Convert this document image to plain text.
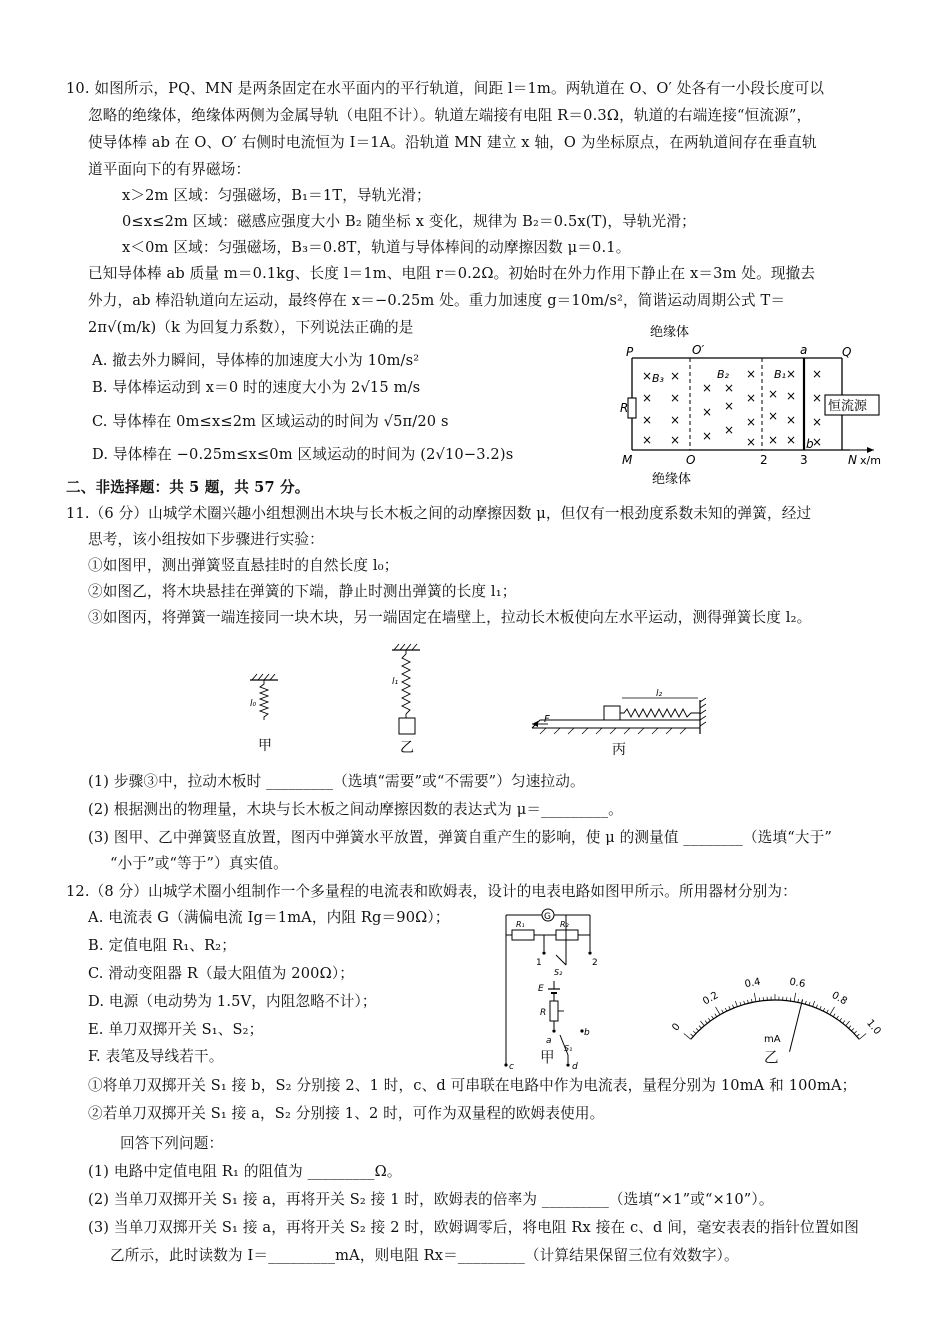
10. 如图所示，PQ、MN 是两条固定在水平面内的平行轨道，间距 l＝1m。两轨道在 O、O′ 处各有一小段长度可以
忽略的绝缘体，绝缘体两侧为金属导轨（电阻不计）。轨道左端接有电阻 R＝0.3Ω，轨道的右端连接“恒流源”，
使导体棒 ab 在 O、O′ 右侧时电流恒为 I＝1A。沿轨道 MN 建立 x 轴，O 为坐标原点，在两轨道间存在垂直轨
道平面向下的有界磁场：
x＞2m 区域：匀强磁场，B₁＝1T，导轨光滑；
0≤x≤2m 区域：磁感应强度大小 B₂ 随坐标 x 变化，规律为 B₂＝0.5x(T)，导轨光滑；
x＜0m 区域：匀强磁场，B₃＝0.8T，轨道与导体棒间的动摩擦因数 μ＝0.1。
已知导体棒 ab 质量 m＝0.1kg、长度 l＝1m、电阻 r＝0.2Ω。初始时在外力作用下静止在 x＝3m 处。现撤去
外力，ab 棒沿轨道向左运动，最终停在 x＝−0.25m 处。重力加速度 g＝10m/s²，简谐运动周期公式 T＝
2π√(m/k)（k 为回复力系数），下列说法正确的是
A. 撤去外力瞬间，导体棒的加速度大小为 10m/s²
B. 导体棒运动到 x＝0 时的速度大小为 2√15 m/s
C. 导体棒在 0m≤x≤2m 区域运动的时间为 √5π/20 s
D. 导体棒在 −0.25m≤x≤0m 区域运动的时间为 (2√10−3.2)s
绝缘体
绝缘体
恒流源
P	Q
M	N
O′
O
a
b
R
2	3	x/m
B₃	B₂	B₁
× ×
× ×
× ×
× ×
× ×
×
× ×
×
× ×
×
×
×
×
×
×
×
×
×
×
×
×
×
二、非选择题：共 5 题，共 57 分。
11.（6 分）山城学术圈兴趣小组想测出木块与长木板之间的动摩擦因数 μ，但仅有一根劲度系数未知的弹簧，经过
思考，该小组按如下步骤进行实验：
①如图甲，测出弹簧竖直悬挂时的自然长度 l₀；
②如图乙，将木块悬挂在弹簧的下端，静止时测出弹簧的长度 l₁；
③如图丙，将弹簧一端连接同一块木块，另一端固定在墙壁上，拉动长木板使向左水平运动，测得弹簧长度 l₂。
l₀
甲
l₁
乙
l₂
F
丙
(1) 步骤③中，拉动木板时 _________（选填“需要”或“不需要”）匀速拉动。
(2) 根据测出的物理量，木块与长木板之间动摩擦因数的表达式为 μ＝_________。
(3) 图甲、乙中弹簧竖直放置，图丙中弹簧水平放置，弹簧自重产生的影响，使 μ 的测量值 ________（选填“大于”
“小于”或“等于”）真实值。
12.（8 分）山城学术圈小组制作一个多量程的电流表和欧姆表，设计的电表电路如图甲所示。所用器材分别为：
A. 电流表 G（满偏电流 Ig＝1mA，内阻 Rg＝90Ω）；
B. 定值电阻 R₁、R₂；
C. 滑动变阻器 R（最大阻值为 200Ω）；
D. 电源（电动势为 1.5V，内阻忽略不计）；
E. 单刀双掷开关 S₁、S₂；
F. 表笔及导线若干。
G
R₁	R₂
1	2
S₂
E
R
a
b
S₁
d
c
甲
0
0.2
0.4	0.6
0.8
1.0
mA
乙
①将单刀双掷开关 S₁ 接 b，S₂ 分别接 2、1 时，c、d 可串联在电路中作为电流表，量程分别为 10mA 和 100mA；
②若单刀双掷开关 S₁ 接 a，S₂ 分别接 1、2 时，可作为双量程的欧姆表使用。
回答下列问题：
(1) 电路中定值电阻 R₁ 的阻值为 _________Ω。
(2) 当单刀双掷开关 S₁ 接 a，再将开关 S₂ 接 1 时，欧姆表的倍率为 _________（选填“×1”或“×10”）。
(3) 当单刀双掷开关 S₁ 接 a，再将开关 S₂ 接 2 时，欧姆调零后，将电阻 Rx 接在 c、d 间，毫安表表的指针位置如图
乙所示，此时读数为 I＝_________mA，则电阻 Rx＝_________（计算结果保留三位有效数字）。
